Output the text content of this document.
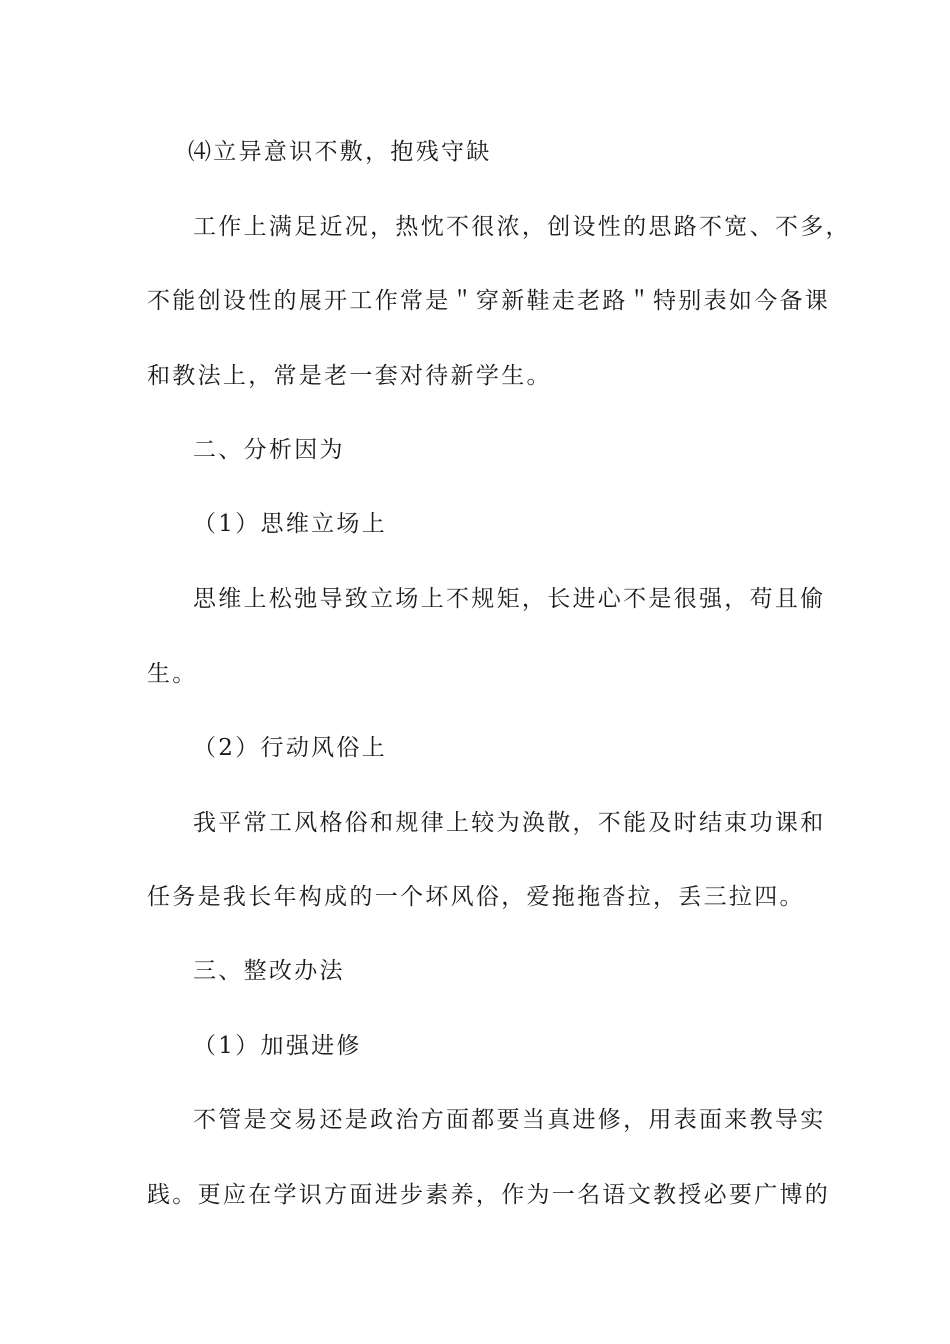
⑷立异意识不敷，抱残守缺
工作上满足近况，热忱不很浓，创设性的思路不宽、不多，
不能创设性的展开工作常是＂穿新鞋走老路＂特别表如今备课
和教法上，常是老一套对待新学生。
二、分析因为
（1）思维立场上
思维上松弛导致立场上不规矩，长进心不是很强，苟且偷
生。
（2）行动风俗上
我平常工风格俗和规律上较为涣散，不能及时结束功课和
任务是我长年构成的一个坏风俗，爱拖拖沓拉，丢三拉四。
三、整改办法
（1）加强进修
不管是交易还是政治方面都要当真进修，用表面来教导实
践。更应在学识方面进步素养，作为一名语文教授必要广博的
